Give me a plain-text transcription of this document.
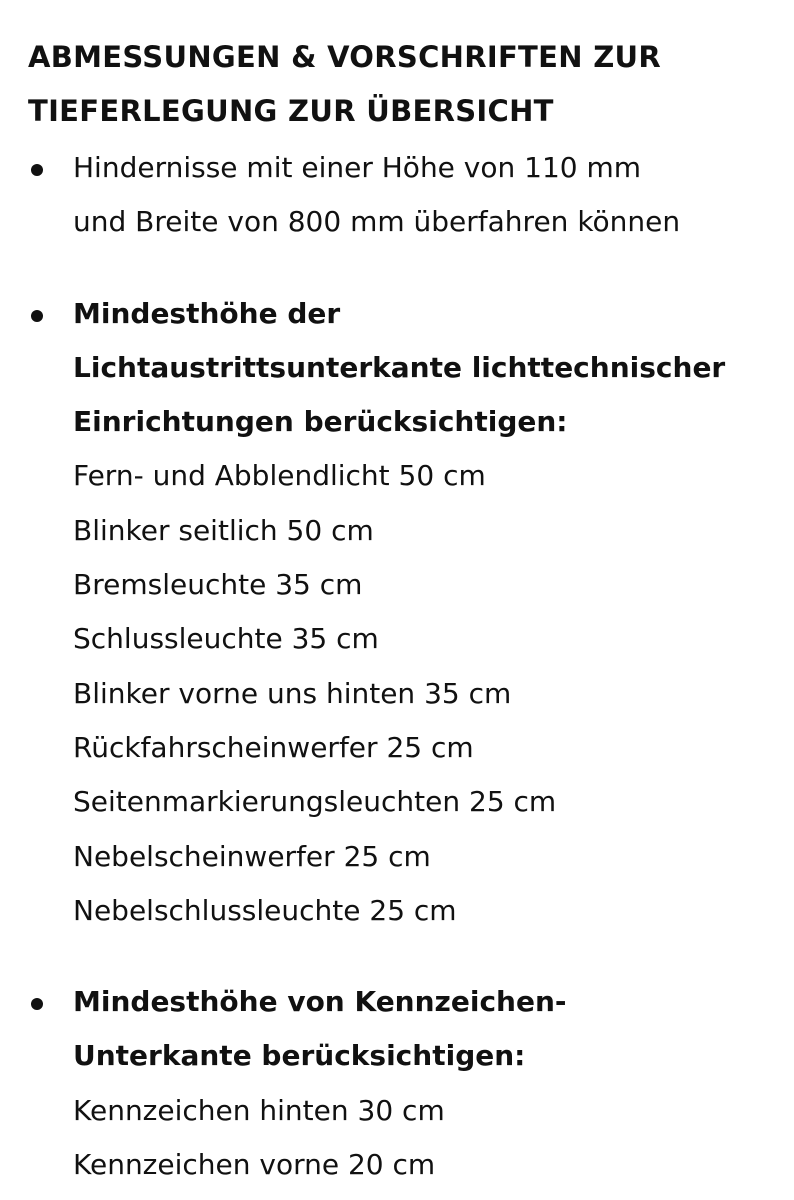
ABMESSUNGEN & VORSCHRIFTEN ZUR
TIEFERLEGUNG ZUR ÜBERSICHT
Hindernisse mit einer Höhe von 110 mm
und Breite von 800 mm überfahren können
Mindesthöhe der
Lichtaustrittsunterkante lichttechnischer
Einrichtungen berücksichtigen:
Fern- und Abblendlicht 50 cm
Blinker seitlich 50 cm
Bremsleuchte 35 cm
Schlussleuchte 35 cm
Blinker vorne uns hinten 35 cm
Rückfahrscheinwerfer 25 cm
Seitenmarkierungsleuchten 25 cm
Nebelscheinwerfer 25 cm
Nebelschlussleuchte 25 cm
Mindesthöhe von Kennzeichen-
Unterkante berücksichtigen:
Kennzeichen hinten 30 cm
Kennzeichen vorne 20 cm
